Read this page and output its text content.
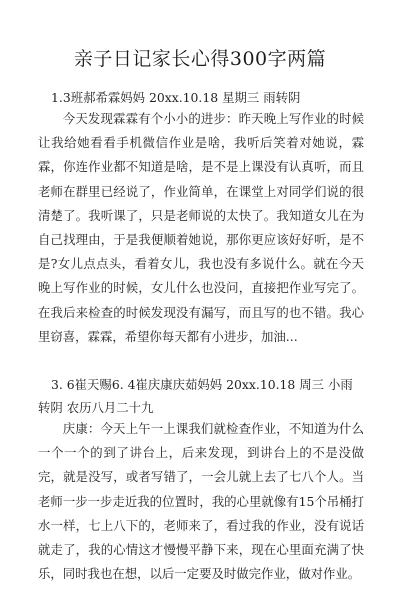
亲子日记家长心得300字两篇
1.3班郝希霖妈妈 20xx.10.18 星期三 雨转阴

今天发现霖霖有个小小的进步：昨天晚上写作业的时候让我给她看看手机微信作业是啥，我听后笑着对她说，霖霖，你连作业都不知道是啥，是不是上课没有认真听，而且老师在群里已经说了，作业简单，在课堂上对同学们说的很清楚了。我听课了，只是老师说的太快了。我知道女儿在为自己找理由，于是我便顺着她说，那你更应该好好听，是不是?女儿点点头，看着女儿，我也没有多说什么。就在今天晚上写作业的时候，女儿什么也没问，直接把作业写完了。在我后来检查的时候发现没有漏写，而且写的也不错。我心里窃喜，霖霖，希望你每天都有小进步，加油...

3. 6崔天赐6. 4崔庆康庆茹妈妈 20xx.10.18 周三 小雨
转阴 农历八月二十九

庆康：今天上午一上课我们就检查作业，不知道为什么一个一个的到了讲台上，后来发现，到讲台上的不是没做完，就是没写，或者写错了，一会儿就上去了七八个人。当老师一步一步走近我的位置时，我的心里就像有15个吊桶打水一样，七上八下的，老师来了，看过我的作业，没有说话就走了，我的心情这才慢慢平静下来，现在心里面充满了快乐，同时我也在想，以后一定要及时做完作业，做对作业。
